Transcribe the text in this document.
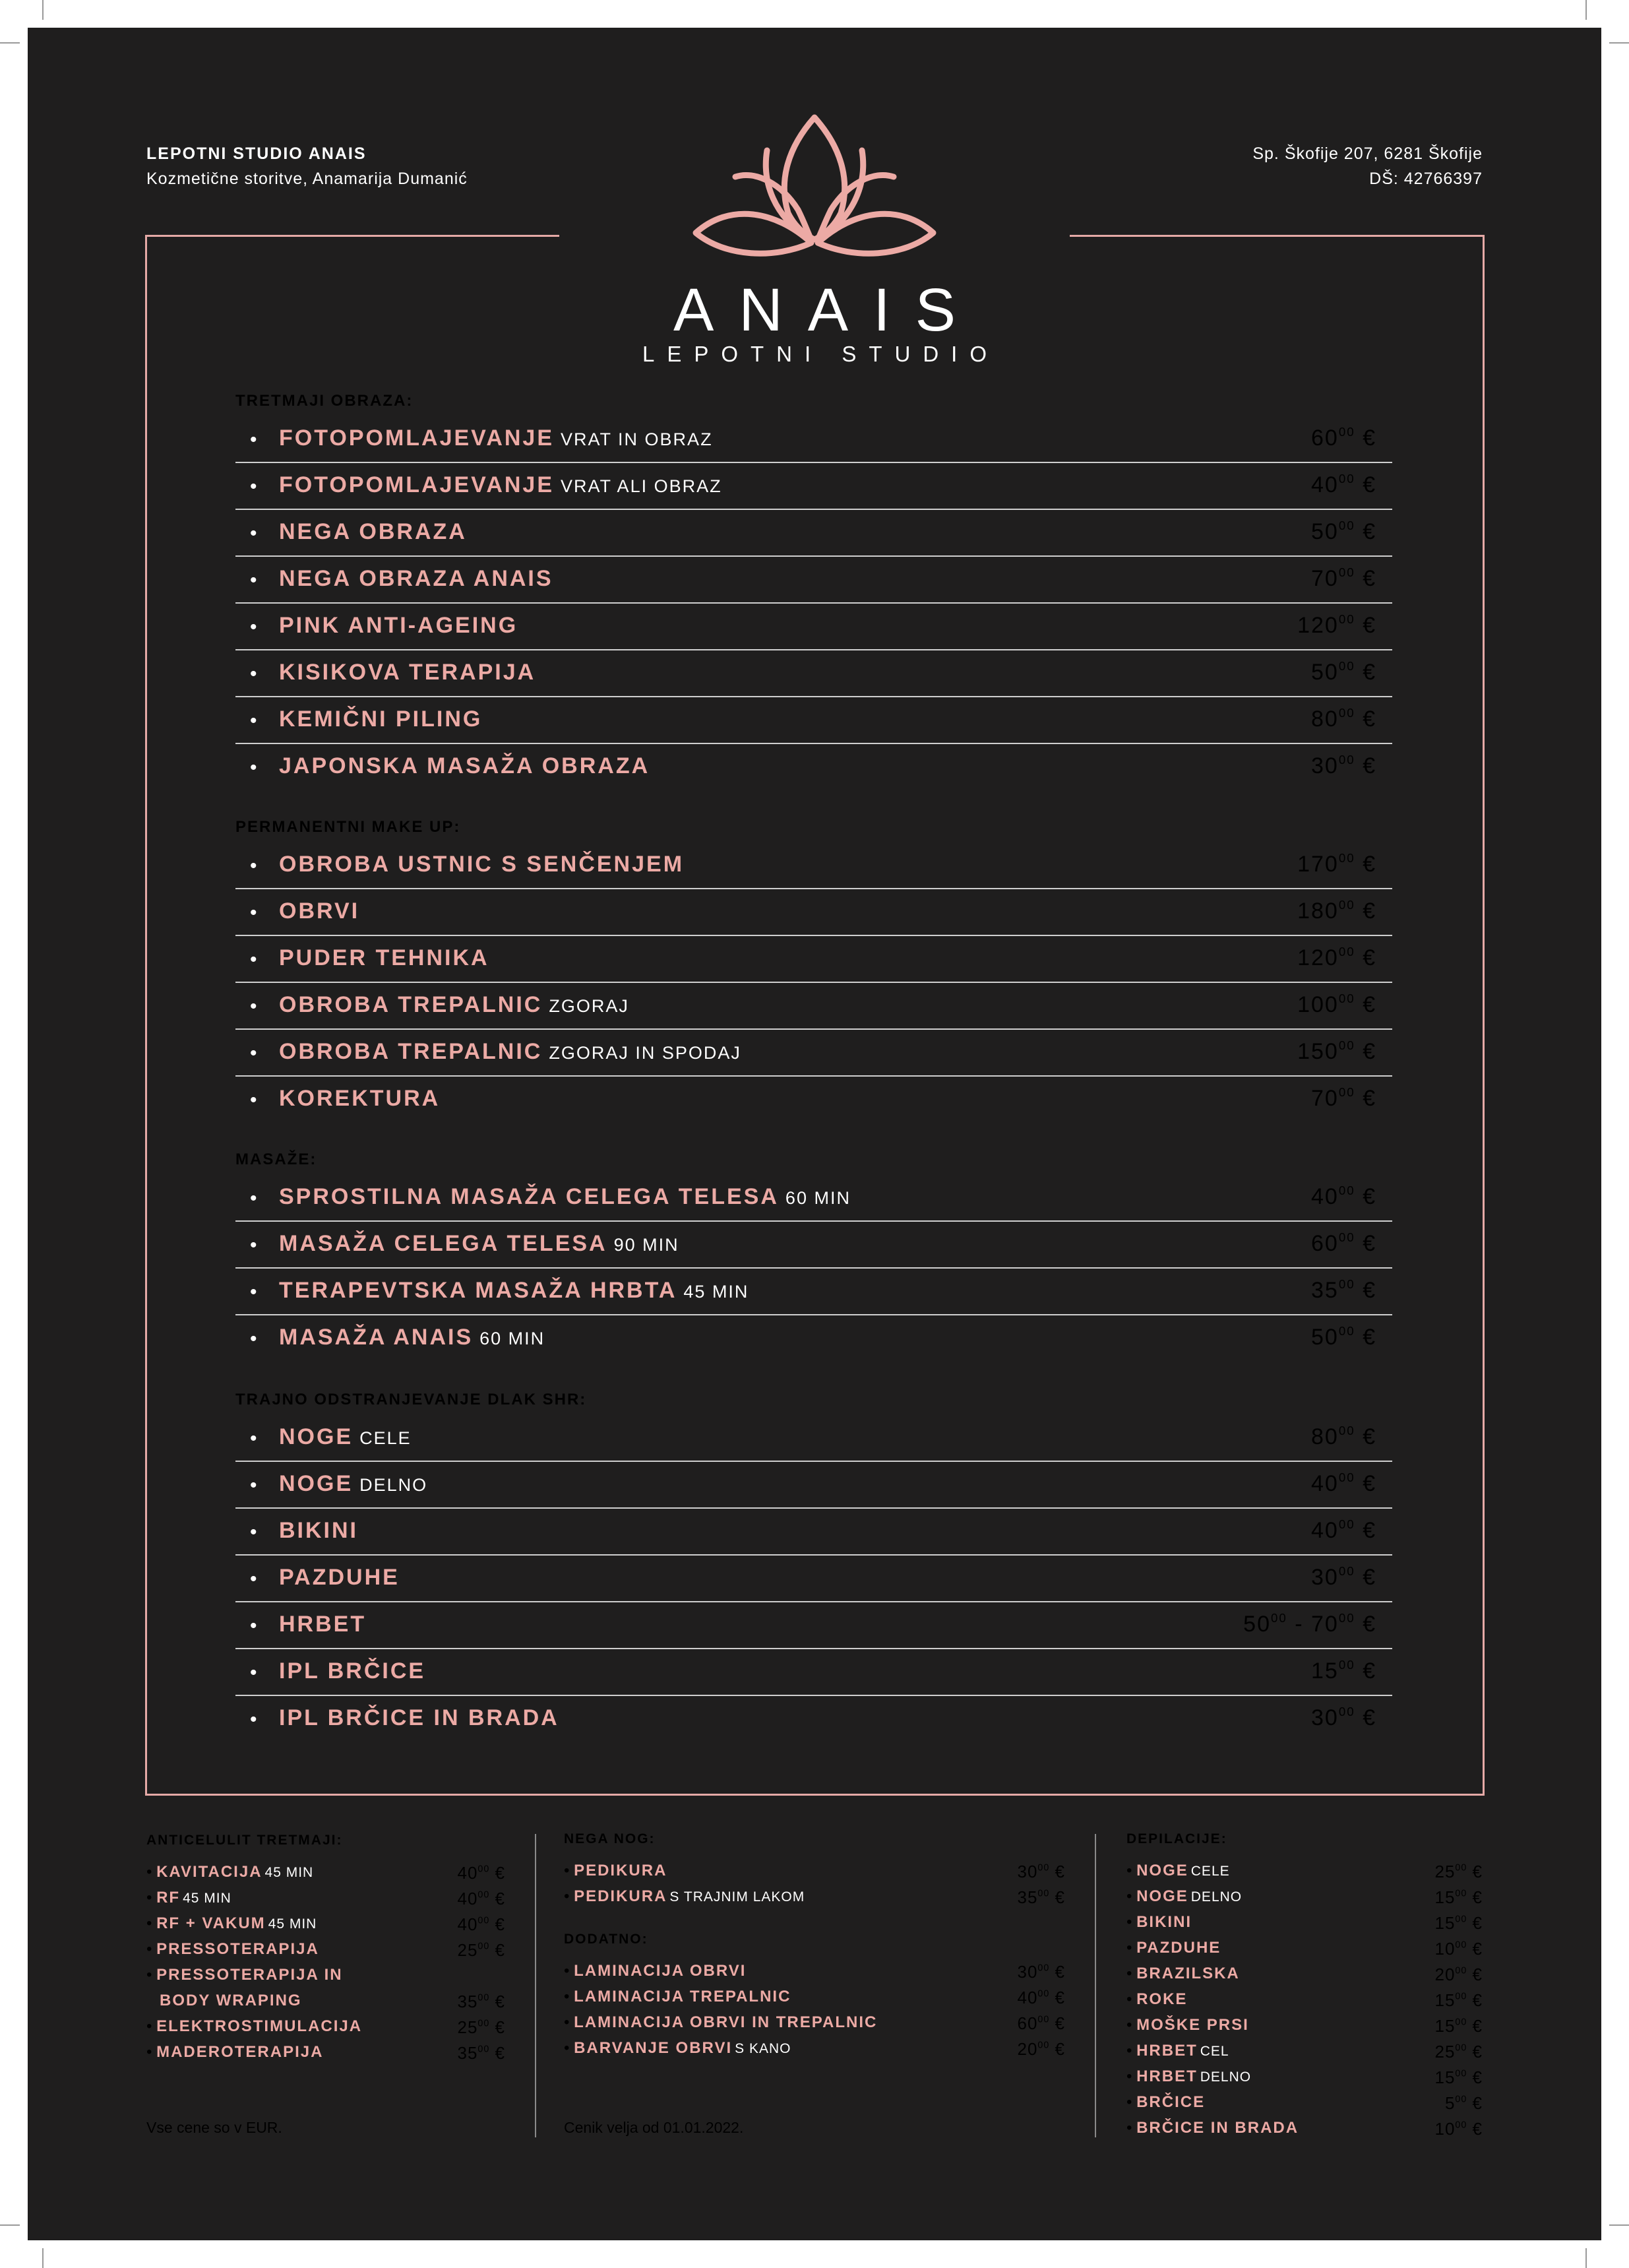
LEPOTNI STUDIO ANAIS
Kozmetične storitve, Anamarija Dumanić
Sp. Škofije 207, 6281 Škofije
DŠ: 42766397
ANAIS
LEPOTNI STUDIO
TRETMAJI OBRAZA:
• FOTOPOMLAJEVANJE VRAT IN OBRAZ	$60^{00}$ €
• FOTOPOMLAJEVANJE VRAT ALI OBRAZ	$40^{00}$ €
• NEGA OBRAZA	$50^{00}$ €
• NEGA OBRAZA ANAIS	$70^{00}$ €
• PINK ANTI-AGEING	$120^{00}$ €
• KISIKOVA TERAPIJA	$50^{00}$ €
• KEMIČNI PILING	$80^{00}$ €
• JAPONSKA MASAŽA OBRAZA	$30^{00}$ €
PERMANENTNI MAKE UP:
• OBROBA USTNIC S SENČENJEM	$170^{00}$ €
• OBRVI	$180^{00}$ €
• PUDER TEHNIKA	$120^{00}$ €
• OBROBA TREPALNIC ZGORAJ	$100^{00}$ €
• OBROBA TREPALNIC ZGORAJ IN SPODAJ	$150^{00}$ €
• KOREKTURA	$70^{00}$ €
MASAŽE:
• SPROSTILNA MASAŽA CELEGA TELESA 60 MIN	$40^{00}$ €
• MASAŽA CELEGA TELESA 90 MIN	$60^{00}$ €
• TERAPEVTSKA MASAŽA HRBTA 45 MIN	$35^{00}$ €
• MASAŽA ANAIS 60 MIN	$50^{00}$ €
TRAJNO ODSTRANJEVANJE DLAK SHR:
• NOGE CELE	$80^{00}$ €
• NOGE DELNO	$40^{00}$ €
• BIKINI	$40^{00}$ €
• PAZDUHE	$30^{00}$ €
• HRBET	$50^{00} - 70^{00}$ €
• IPL BRČICE	$15^{00}$ €
• IPL BRČICE IN BRADA	$30^{00}$ €
ANTICELULIT TRETMAJI:
• KAVITACIJA 45 MIN	$40^{00}$ €
• RF 45 MIN	$40^{00}$ €
• RF + VAKUM 45 MIN	$40^{00}$ €
• PRESSOTERAPIJA	$25^{00}$ €
• PRESSOTERAPIJA IN
BODY WRAPING	$35^{00}$ €
• ELEKTROSTIMULACIJA	$25^{00}$ €
• MADEROTERAPIJA	$35^{00}$ €
NEGA NOG:
• PEDIKURA	$30^{00}$ €
• PEDIKURA S TRAJNIM LAKOM	$35^{00}$ €
DODATNO:
• LAMINACIJA OBRVI	$30^{00}$ €
• LAMINACIJA TREPALNIC	$40^{00}$ €
• LAMINACIJA OBRVI IN TREPALNIC	$60^{00}$ €
• BARVANJE OBRVI S KANO	$20^{00}$ €
DEPILACIJE:
• NOGE CELE	$25^{00}$ €
• NOGE DELNO	$15^{00}$ €
• BIKINI	$15^{00}$ €
• PAZDUHE	$10^{00}$ €
• BRAZILSKA	$20^{00}$ €
• ROKE	$15^{00}$ €
• MOŠKE PRSI	$15^{00}$ €
• HRBET CEL	$25^{00}$ €
• HRBET DELNO	$15^{00}$ €
• BRČICE	$5^{00}$ €
• BRČICE IN BRADA	$10^{00}$ €
Vse cene so v EUR.	Cenik velja od 01.01.2022.
